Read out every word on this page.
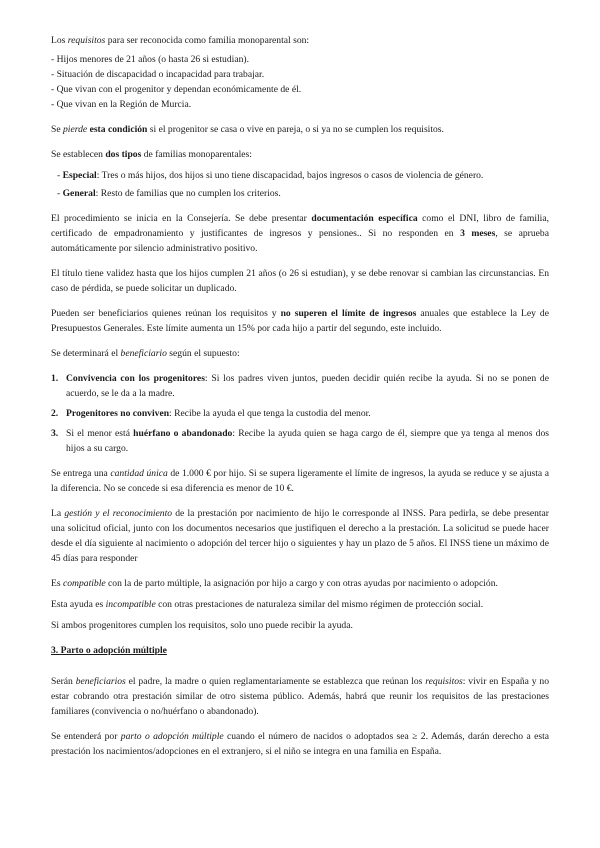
Los requisitos para ser reconocida como familia monoparental son:

- Hijos menores de 21 años (o hasta 26 si estudian).
- Situación de discapacidad o incapacidad para trabajar.
- Que vivan con el progenitor y dependan económicamente de él.
- Que vivan en la Región de Murcia.

Se pierde esta condición si el progenitor se casa o vive en pareja, o si ya no se cumplen los requisitos.

Se establecen dos tipos de familias monoparentales:

- Especial: Tres o más hijos, dos hijos si uno tiene discapacidad, bajos ingresos o casos de violencia de género.
- General: Resto de familias que no cumplen los criterios.

El procedimiento se inicia en la Consejería. Se debe presentar documentación específica como el DNI, libro de familia, certificado de empadronamiento y justificantes de ingresos y pensiones.. Si no responden en 3 meses, se aprueba automáticamente por silencio administrativo positivo.

El título tiene validez hasta que los hijos cumplen 21 años (o 26 si estudian), y se debe renovar si cambian las circunstancias. En caso de pérdida, se puede solicitar un duplicado.

Pueden ser beneficiarios quienes reúnan los requisitos y no superen el límite de ingresos anuales que establece la Ley de Presupuestos Generales. Este límite aumenta un 15% por cada hijo a partir del segundo, este incluido.

Se determinará el beneficiario según el supuesto:

1. Convivencia con los progenitores: Si los padres viven juntos, pueden decidir quién recibe la ayuda. Si no se ponen de acuerdo, se le da a la madre.
2. Progenitores no conviven: Recibe la ayuda el que tenga la custodia del menor.
3. Si el menor está huérfano o abandonado: Recibe la ayuda quien se haga cargo de él, siempre que ya tenga al menos dos hijos a su cargo.

Se entrega una cantidad única de 1.000 € por hijo. Si se supera ligeramente el límite de ingresos, la ayuda se reduce y se ajusta a la diferencia. No se concede si esa diferencia es menor de 10 €.

La gestión y el reconocimiento de la prestación por nacimiento de hijo le corresponde al INSS. Para pedirla, se debe presentar una solicitud oficial, junto con los documentos necesarios que justifiquen el derecho a la prestación. La solicitud se puede hacer desde el día siguiente al nacimiento o adopción del tercer hijo o siguientes y hay un plazo de 5 años. El INSS tiene un máximo de 45 días para responder

Es compatible con la de parto múltiple, la asignación por hijo a cargo y con otras ayudas por nacimiento o adopción.

Esta ayuda es incompatible con otras prestaciones de naturaleza similar del mismo régimen de protección social.

Si ambos progenitores cumplen los requisitos, solo uno puede recibir la ayuda.

3. Parto o adopción múltiple

Serán beneficiarios el padre, la madre o quien reglamentariamente se establezca que reúnan los requisitos: vivir en España y no estar cobrando otra prestación similar de otro sistema público. Además, habrá que reunir los requisitos de las prestaciones familiares (convivencia o no/huérfano o abandonado).

Se entenderá por parto o adopción múltiple cuando el número de nacidos o adoptados sea ≥ 2. Además, darán derecho a esta prestación los nacimientos/adopciones en el extranjero, si el niño se integra en una familia en España.
